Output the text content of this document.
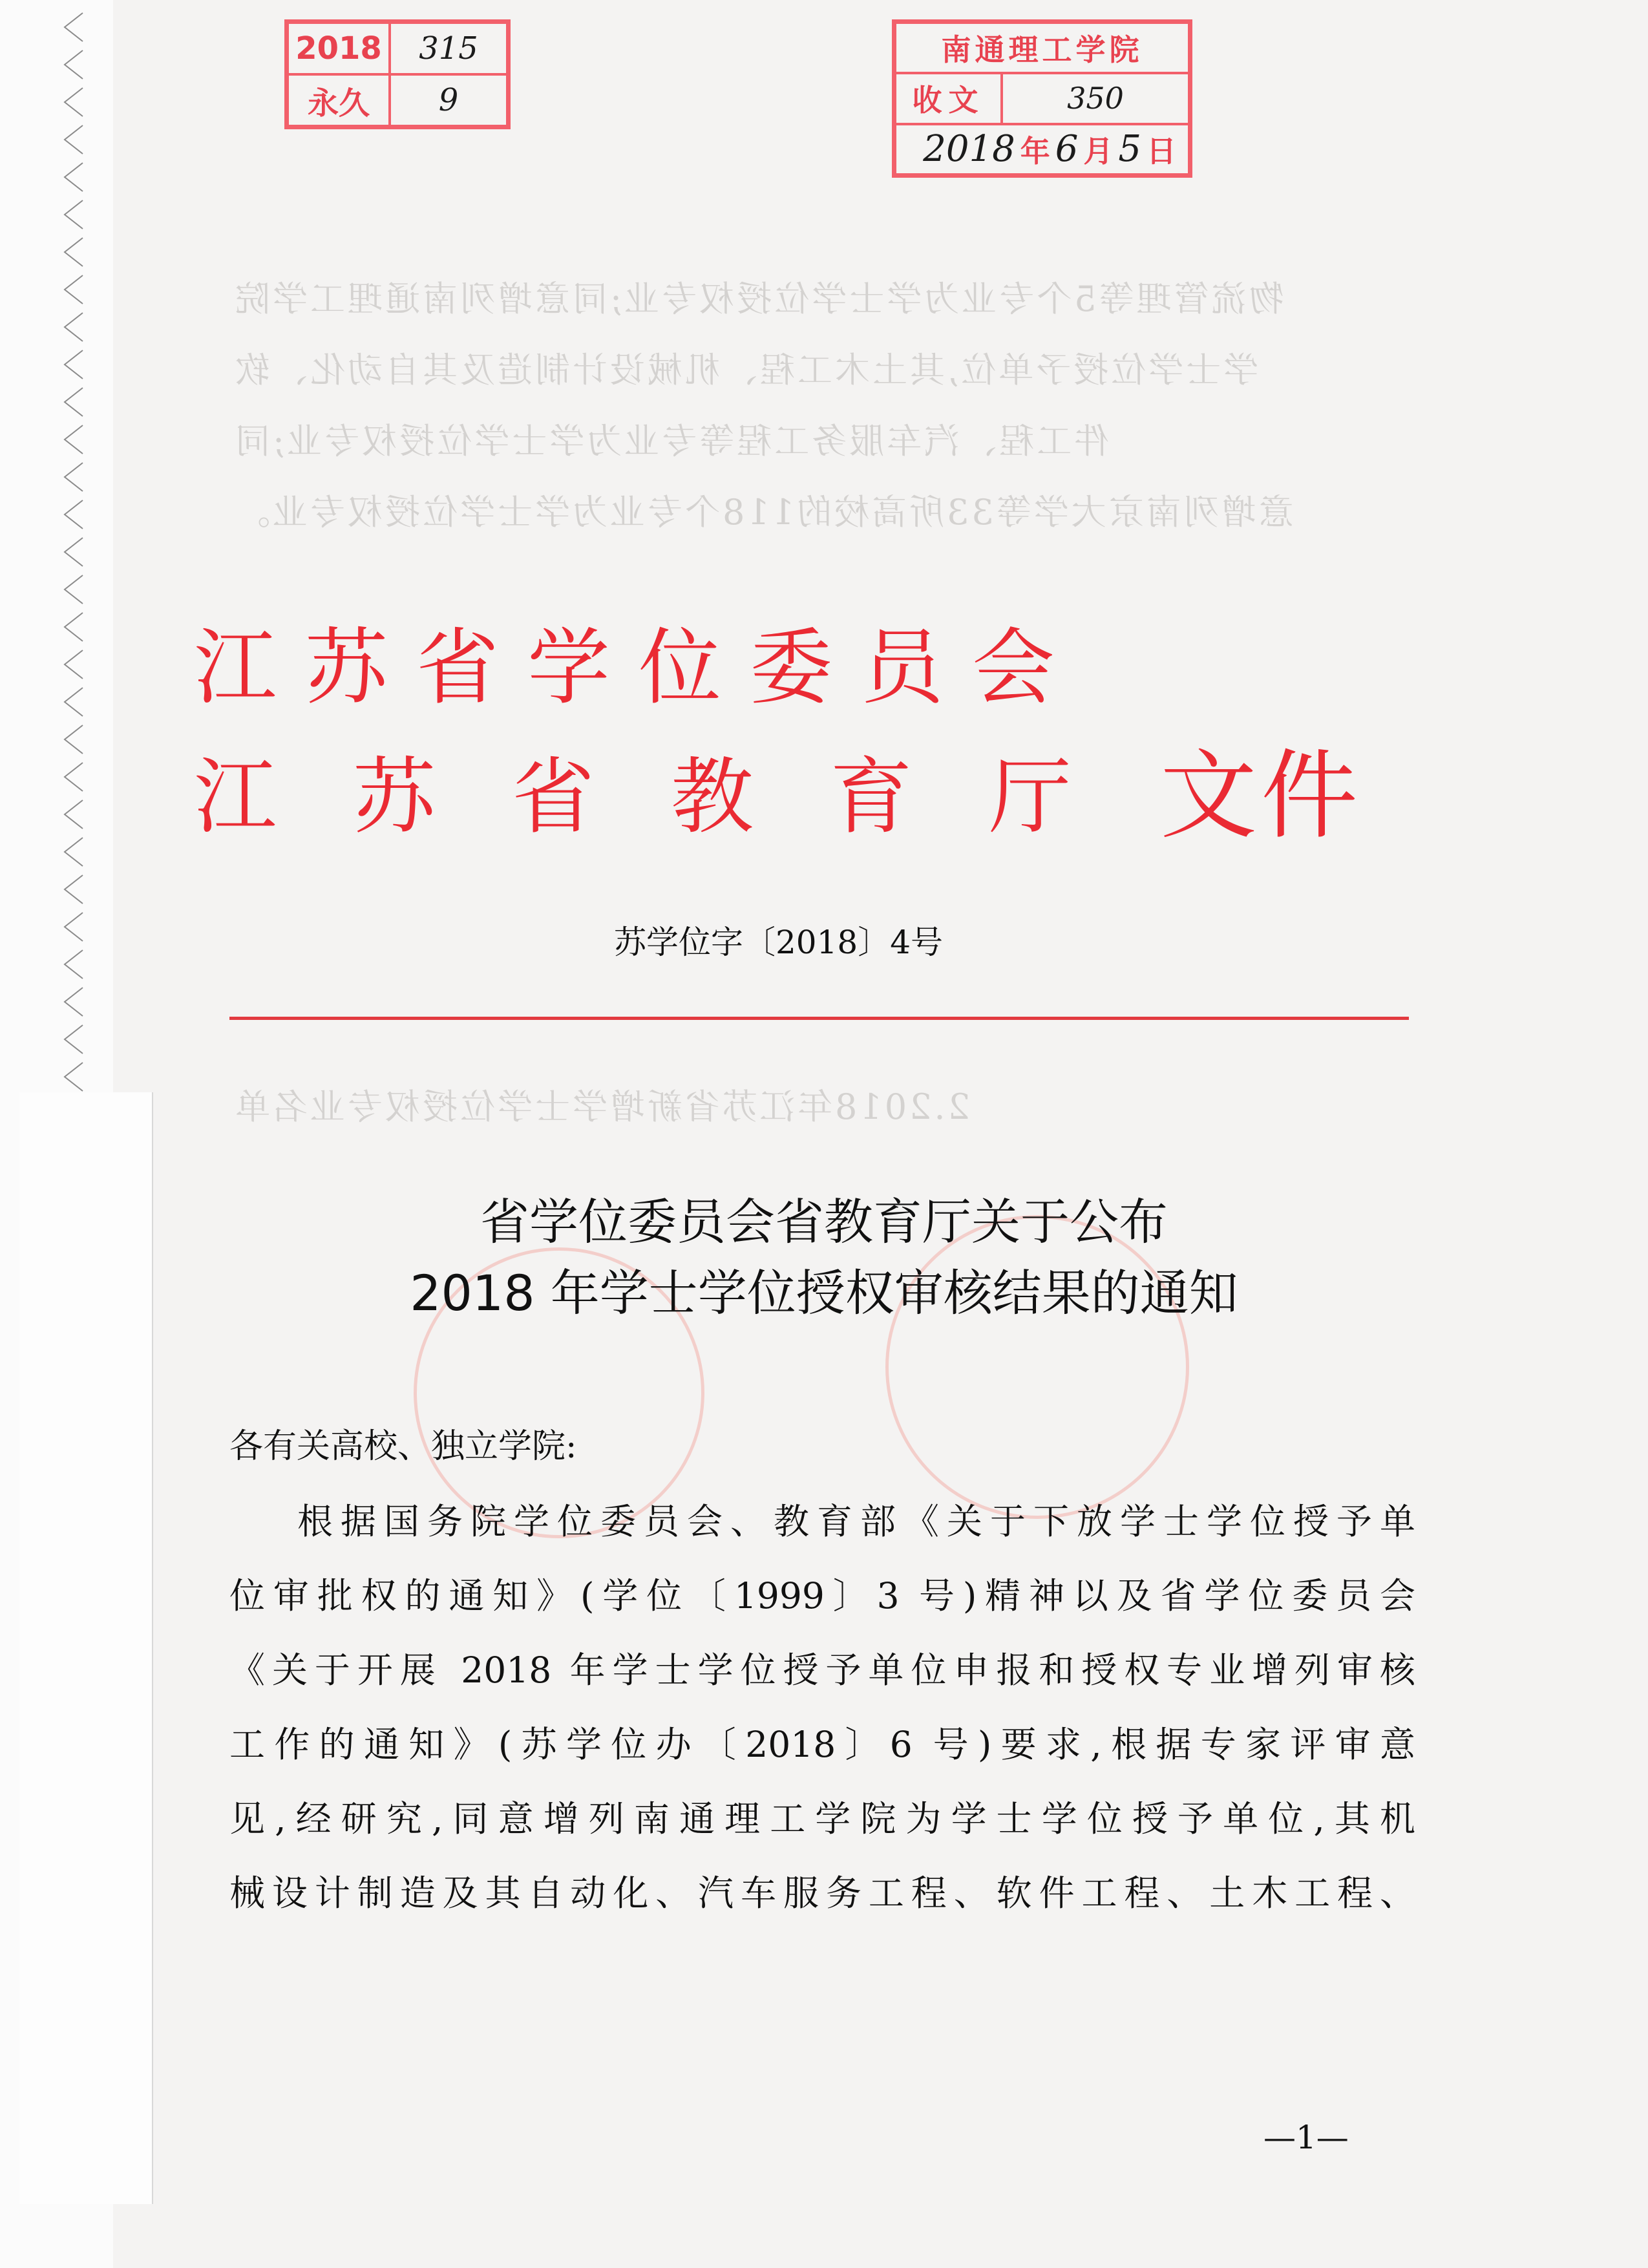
物流管理等5个专业为学士学位授权专业;同意增列南通理工学院
学士学位授予单位,其土木工程、机械设计制造及其自动化、软
件工程、汽车服务工程等专业为学士学位授权专业;同
意增列南京大学等33所高校的118个专业为学士学位授权专业。
2.2018年江苏省新增学士学位授权专业名单
2018	315
永久	9
南通理工学院
收文	350
2018 年 6 月 5 日
江苏省学位委员会
江苏省教育厅 文件
苏学位字〔2018〕4号
省学位委员会省教育厅关于公布
2018 年学士学位授权审核结果的通知
各有关高校、独立学院:
根据国务院学位委员会、教育部《关于下放学士学位授予单
位审批权的通知》(学位〔1999〕3 号)精神以及省学位委员会
《关于开展 2018 年学士学位授予单位申报和授权专业增列审核
工作的通知》(苏学位办〔2018〕6 号)要求,根据专家评审意
见,经研究,同意增列南通理工学院为学士学位授予单位,其机
械设计制造及其自动化、汽车服务工程、软件工程、土木工程、
—1—
